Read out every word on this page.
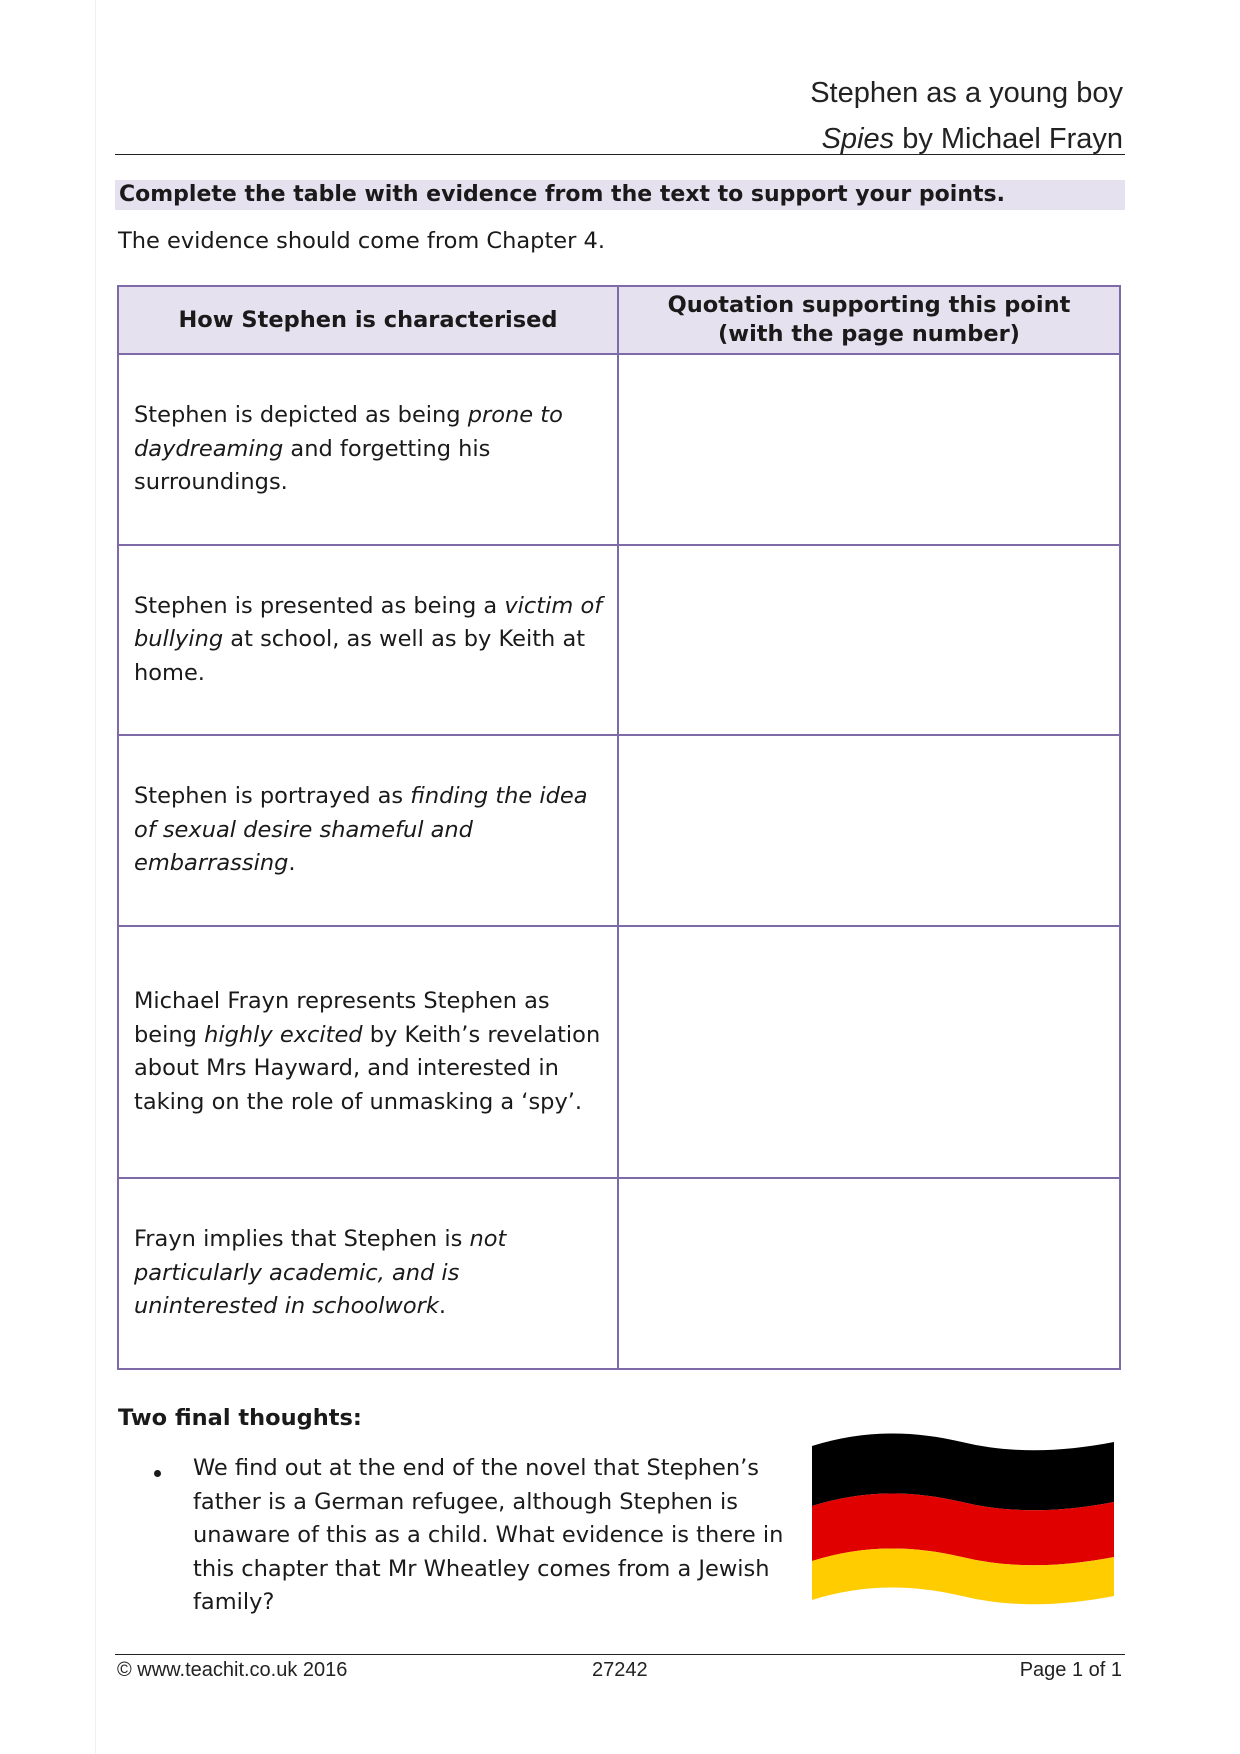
Stephen as a young boy
Spies by Michael Frayn
Complete the table with evidence from the text to support your points.
The evidence should come from Chapter 4.
How Stephen is characterised	Quotation supporting this point
(with the page number)

Stephen is depicted as being prone to daydreaming and forgetting his surroundings.	
Stephen is presented as being a victim of bullying at school, as well as by Keith at home.	
Stephen is portrayed as finding the idea of sexual desire shameful and embarrassing.	
Michael Frayn represents Stephen as being highly excited by Keith’s revelation about Mrs Hayward, and interested in taking on the role of unmasking a ‘spy’.	
Frayn implies that Stephen is not particularly academic, and is uninterested in schoolwork.	
Two final thoughts:
We find out at the end of the novel that Stephen’s father is a German refugee, although Stephen is unaware of this as a child. What evidence is there in this chapter that Mr Wheatley comes from a Jewish family?
© www.teachit.co.uk 2016	27242	Page 1 of 1
